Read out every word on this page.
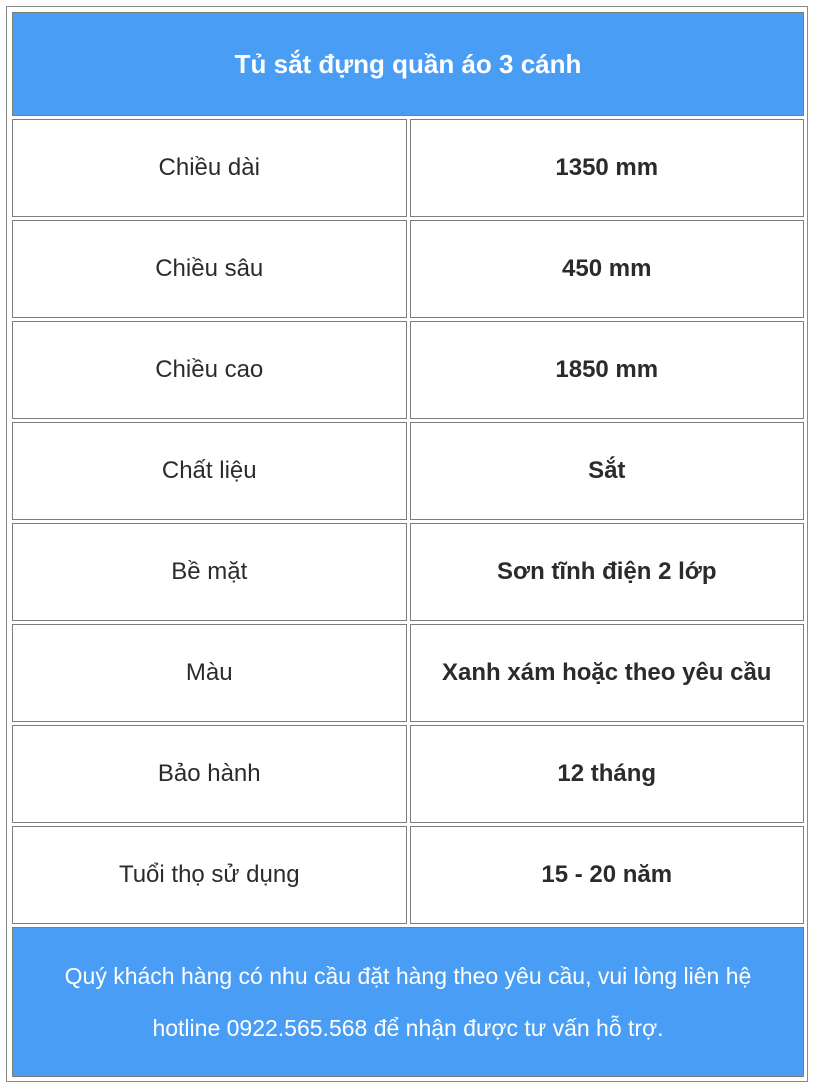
Tủ sắt đựng quần áo 3 cánh	
Chiều dài	1350 mm
Chiều sâu	450 mm
Chiều cao	1850 mm
Chất liệu	Sắt
Bề mặt	Sơn tĩnh điện 2 lớp
Màu	Xanh xám hoặc theo yêu cầu
Bảo hành	12 tháng
Tuổi thọ sử dụng	15 - 20 năm

Quý khách hàng có nhu cầu đặt hàng theo yêu cầu, vui lòng liên hệ
hotline 0922.565.568 để nhận được tư vấn hỗ trợ.	
